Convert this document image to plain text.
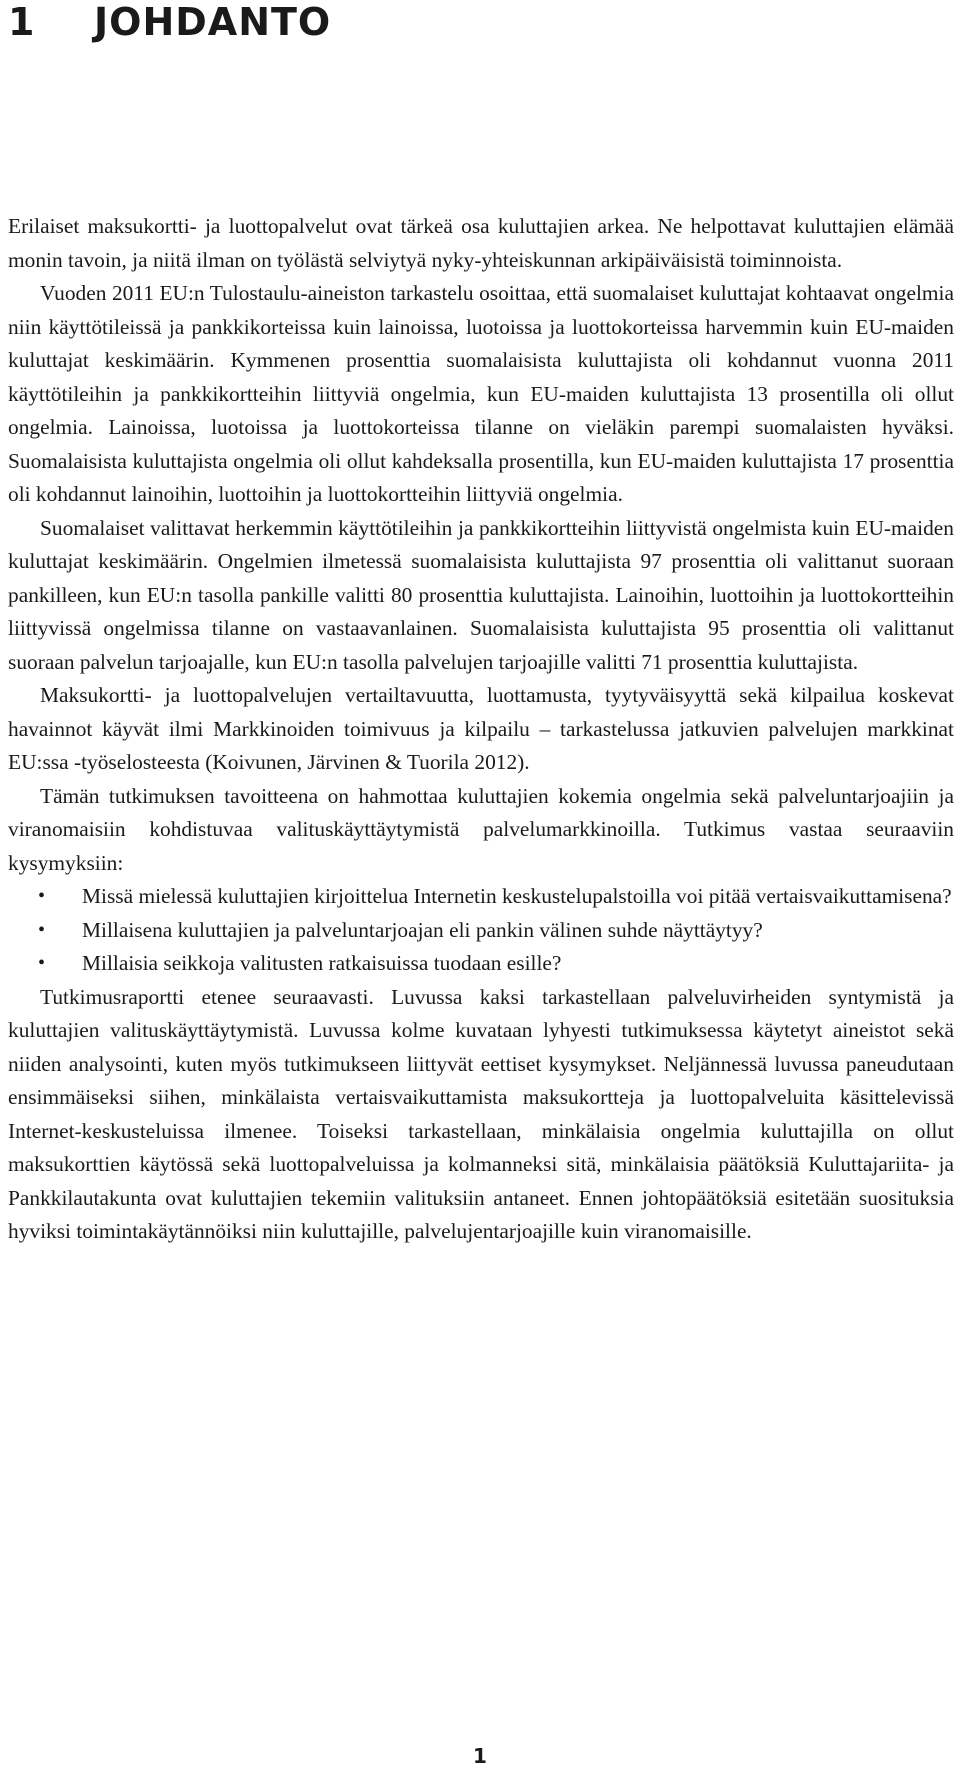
1 JOHDANTO

Erilaiset maksukortti- ja luottopalvelut ovat tärkeä osa kuluttajien arkea. Ne helpottavat kuluttajien elämää monin tavoin, ja niitä ilman on työlästä selviytyä nyky-yhteiskunnan arkipäiväisistä toiminnoista.

Vuoden 2011 EU:n Tulostaulu-aineiston tarkastelu osoittaa, että suomalaiset kuluttajat kohtaavat ongelmia niin käyttötileissä ja pankkikorteissa kuin lainoissa, luotoissa ja luottokorteissa harvemmin kuin EU-maiden kuluttajat keskimäärin. Kymmenen prosenttia suomalaisista kuluttajista oli kohdannut vuonna 2011 käyttötileihin ja pankkikortteihin liittyviä ongelmia, kun EU-maiden kuluttajista 13 prosentilla oli ollut ongelmia. Lainoissa, luotoissa ja luottokorteissa tilanne on vieläkin parempi suomalaisten hyväksi. Suomalaisista kuluttajista ongelmia oli ollut kahdeksalla prosentilla, kun EU-maiden kuluttajista 17 prosenttia oli kohdannut lainoihin, luottoihin ja luottokortteihin liittyviä ongelmia.

Suomalaiset valittavat herkemmin käyttötileihin ja pankkikortteihin liittyvistä ongelmista kuin EU-maiden kuluttajat keskimäärin. Ongelmien ilmetessä suomalaisista kuluttajista 97 prosenttia oli valittanut suoraan pankilleen, kun EU:n tasolla pankille valitti 80 prosenttia kuluttajista. Lainoihin, luottoihin ja luottokortteihin liittyvissä ongelmissa tilanne on vastaavanlainen. Suomalaisista kuluttajista 95 prosenttia oli valittanut suoraan palvelun tarjoajalle, kun EU:n tasolla palvelujen tarjoajille valitti 71 prosenttia kuluttajista.

Maksukortti- ja luottopalvelujen vertailtavuutta, luottamusta, tyytyväisyyttä sekä kilpailua koskevat havainnot käyvät ilmi Markkinoiden toimivuus ja kilpailu – tarkastelussa jatkuvien palvelujen markkinat EU:ssa -työselosteesta (Koivunen, Järvinen & Tuorila 2012).

Tämän tutkimuksen tavoitteena on hahmottaa kuluttajien kokemia ongelmia sekä palveluntarjoajiin ja viranomaisiin kohdistuvaa valituskäyttäytymistä palvelumarkkinoilla. Tutkimus vastaa seuraaviin kysymyksiin:

• Missä mielessä kuluttajien kirjoittelua Internetin keskustelupalstoilla voi pitää vertaisvaikuttamisena?
• Millaisena kuluttajien ja palveluntarjoajan eli pankin välinen suhde näyttäytyy?
• Millaisia seikkoja valitusten ratkaisuissa tuodaan esille?

Tutkimusraportti etenee seuraavasti. Luvussa kaksi tarkastellaan palveluvirheiden syntymistä ja kuluttajien valituskäyttäytymistä. Luvussa kolme kuvataan lyhyesti tutkimuksessa käytetyt aineistot sekä niiden analysointi, kuten myös tutkimukseen liittyvät eettiset kysymykset. Neljännessä luvussa paneudutaan ensimmäiseksi siihen, minkälaista vertaisvaikuttamista maksukortteja ja luottopalveluita käsittelevissä Internet-keskusteluissa ilmenee. Toiseksi tarkastellaan, minkälaisia ongelmia kuluttajilla on ollut maksukorttien käytössä sekä luottopalveluissa ja kolmanneksi sitä, minkälaisia päätöksiä Kuluttajariita- ja Pankkilautakunta ovat kuluttajien tekemiin valituksiin antaneet. Ennen johtopäätöksiä esitetään suosituksia hyviksi toimintakäytännöiksi niin kuluttajille, palvelujentarjoajille kuin viranomaisille.

1
